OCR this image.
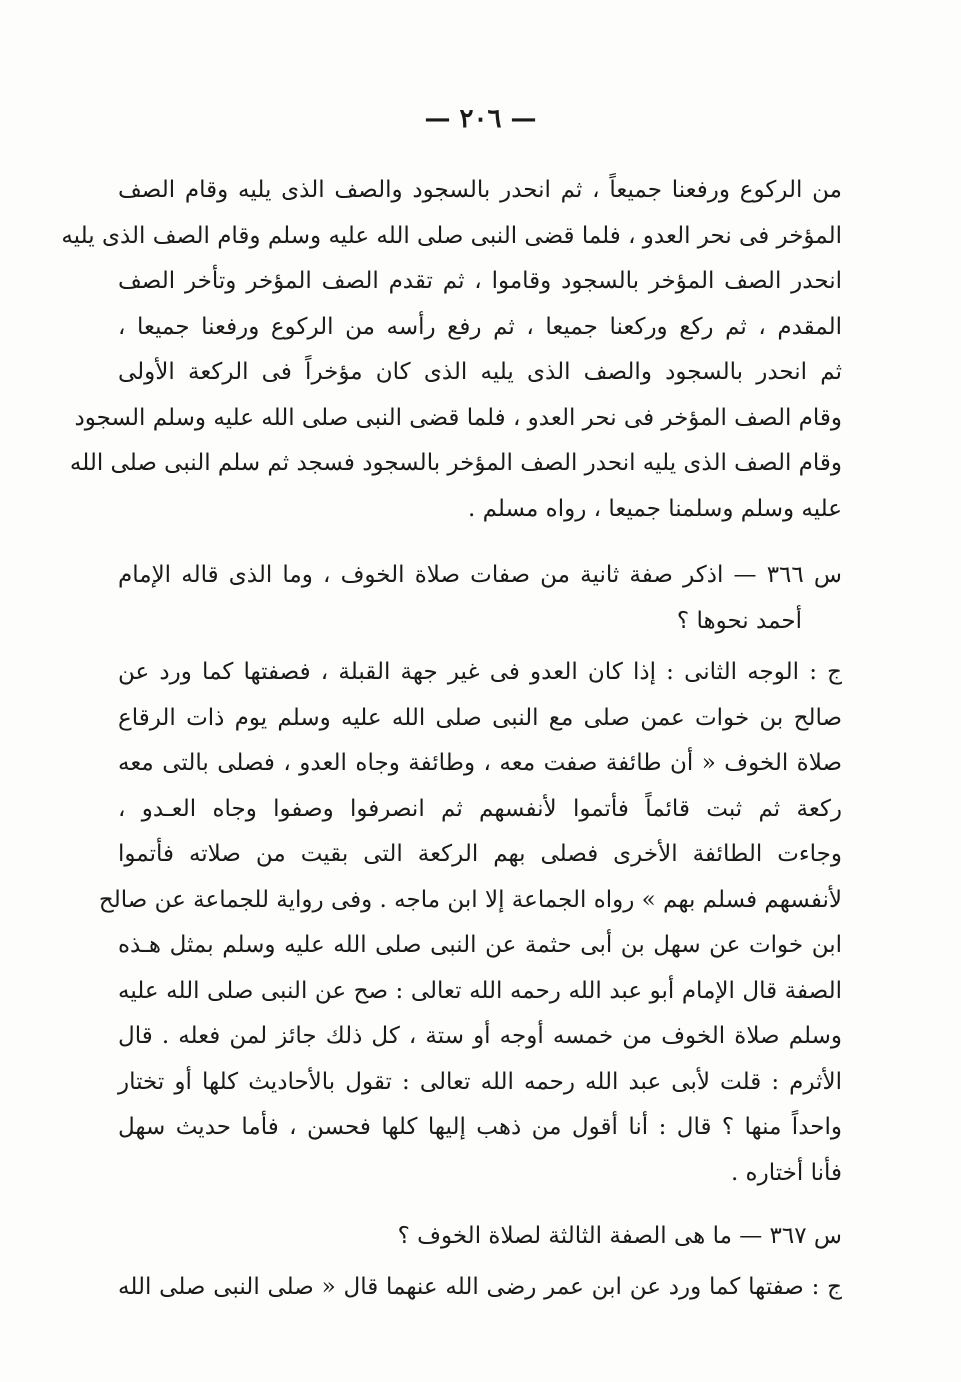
— ٢٠٦ —
من الركوع ورفعنا جميعاً ، ثم انحدر بالسجود والصف الذى يليه وقام الصف
المؤخر فى نحر العدو ، فلما قضى النبى صلى الله عليه وسلم وقام الصف الذى يليه
انحدر الصف المؤخر بالسجود وقاموا ، ثم تقدم الصف المؤخر وتأخر الصف
المقدم ، ثم ركع وركعنا جميعا ، ثم رفع رأسه من الركوع ورفعنا جميعا ،
ثم انحدر بالسجود والصف الذى يليه الذى كان مؤخراً فى الركعة الأولى
وقام الصف المؤخر فى نحر العدو ، فلما قضى النبى صلى الله عليه وسلم السجود
وقام الصف الذى يليه انحدر الصف المؤخر بالسجود فسجد ثم سلم النبى صلى الله
عليه وسلم وسلمنا جميعا ، رواه مسلم .
س ٣٦٦ — اذكر صفة ثانية من صفات صلاة الخوف ، وما الذى قاله الإمام
أحمد نحوها ؟
ج : الوجه الثانى : إذا كان العدو فى غير جهة القبلة ، فصفتها كما ورد عن
صالح بن خوات عمن صلى مع النبى صلى الله عليه وسلم يوم ذات الرقاع
صلاة الخوف « أن طائفة صفت معه ، وطائفة وجاه العدو ، فصلى بالتى معه
ركعة ثم ثبت قائماً فأتموا لأنفسهم ثم انصرفوا وصفوا وجاه العـدو ،
وجاءت الطائفة الأخرى فصلى بهم الركعة التى بقيت من صلاته فأتموا
لأنفسهم فسلم بهم » رواه الجماعة إلا ابن ماجه . وفى رواية للجماعة عن صالح
ابن خوات عن سهل بن أبى حثمة عن النبى صلى الله عليه وسلم بمثل هـذه
الصفة قال الإمام أبو عبد الله رحمه الله تعالى : صح عن النبى صلى الله عليه
وسلم صلاة الخوف من خمسه أوجه أو ستة ، كل ذلك جائز لمن فعله . قال
الأثرم : قلت لأبى عبد الله رحمه الله تعالى : تقول بالأحاديث كلها أو تختار
واحداً منها ؟ قال : أنا أقول من ذهب إليها كلها فحسن ، فأما حديث سهل
فأنا أختاره .
س ٣٦٧ — ما هى الصفة الثالثة لصلاة الخوف ؟
ج : صفتها كما ورد عن ابن عمر رضى الله عنهما قال « صلى النبى صلى الله
